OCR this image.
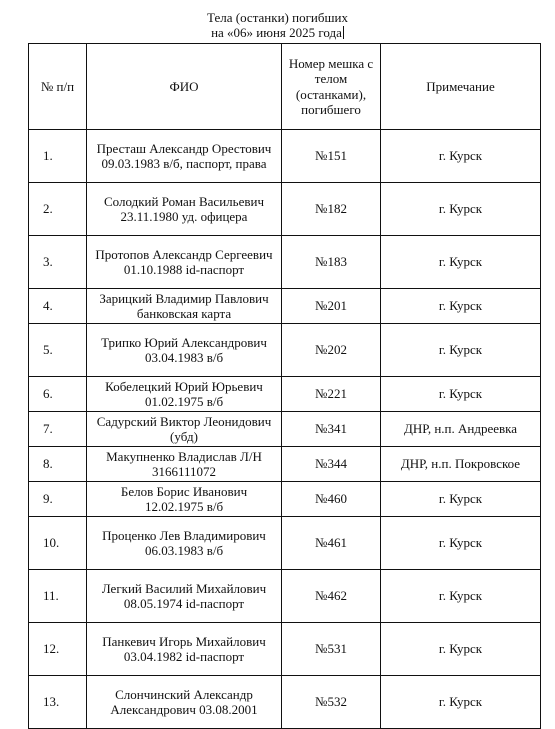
Тела (останки) погибших
на «06» июня 2025 года
№ п/п	ФИО	Номер мешка с телом (останками), погибшего	Примечание
1.	Престаш Александр Орестович 09.03.1983 в/б, паспорт, права	№151	г. Курск
2.	Солодкий Роман Васильевич 23.11.1980 уд. офицера	№182	г. Курск
3.	Протопов Александр Сергеевич 01.10.1988 id-паспорт	№183	г. Курск
4.	Зарицкий Владимир Павлович банковская карта	№201	г. Курск
5.	Трипко Юрий Александрович 03.04.1983 в/б	№202	г. Курск
6.	Кобелецкий Юрий Юрьевич 01.02.1975 в/б	№221	г. Курск
7.	Садурский Виктор Леонидович (убд)	№341	ДНР, н.п. Андреевка
8.	Макупненко Владислав Л/Н 3166111072	№344	ДНР, н.п. Покровское
9.	Белов Борис Иванович 12.02.1975 в/б	№460	г. Курск
10.	Проценко Лев Владимирович 06.03.1983 в/б	№461	г. Курск
11.	Легкий Василий Михайлович 08.05.1974 id-паспорт	№462	г. Курск
12.	Панкевич Игорь Михайлович 03.04.1982 id-паспорт	№531	г. Курск
13.	Слончинский Александр Александрович 03.08.2001	№532	г. Курск
